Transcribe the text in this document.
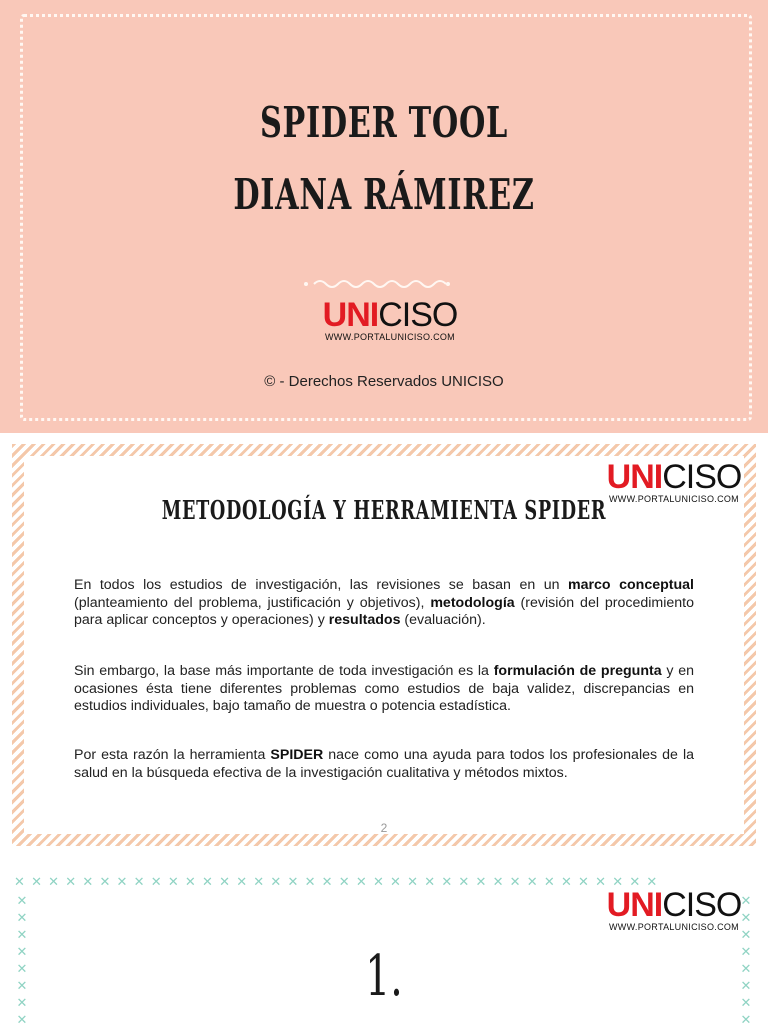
SPIDER TOOL
DIANA RÁMIREZ
UNICISO
WWW.PORTALUNICISO.COM
© - Derechos Reservados UNICISO
UNICISO
WWW.PORTALUNICISO.COM
METODOLOGÍA Y HERRAMIENTA SPIDER
En todos los estudios de investigación, las revisiones se basan en un marco conceptual (planteamiento del problema, justificación y objetivos), metodología (revisión del procedimiento para aplicar conceptos y operaciones) y resultados (evaluación).
Sin embargo, la base más importante de toda investigación es la formulación de pregunta y en ocasiones ésta tiene diferentes problemas como estudios de baja validez, discrepancias en estudios individuales, bajo tamaño de muestra o potencia estadística.
Por esta razón la herramienta SPIDER nace como una ayuda para todos los profesionales de la salud en la búsqueda efectiva de la investigación cualitativa y métodos mixtos.
2
✕✕✕✕✕✕✕✕✕✕✕✕✕✕✕✕✕✕✕✕✕✕✕✕✕✕✕✕✕✕✕✕✕✕✕✕✕✕
✕
✕
✕
✕
✕
✕
✕
✕
✕
✕
✕
✕
✕
✕
✕
✕
UNICISO
WWW.PORTALUNICISO.COM
1.
